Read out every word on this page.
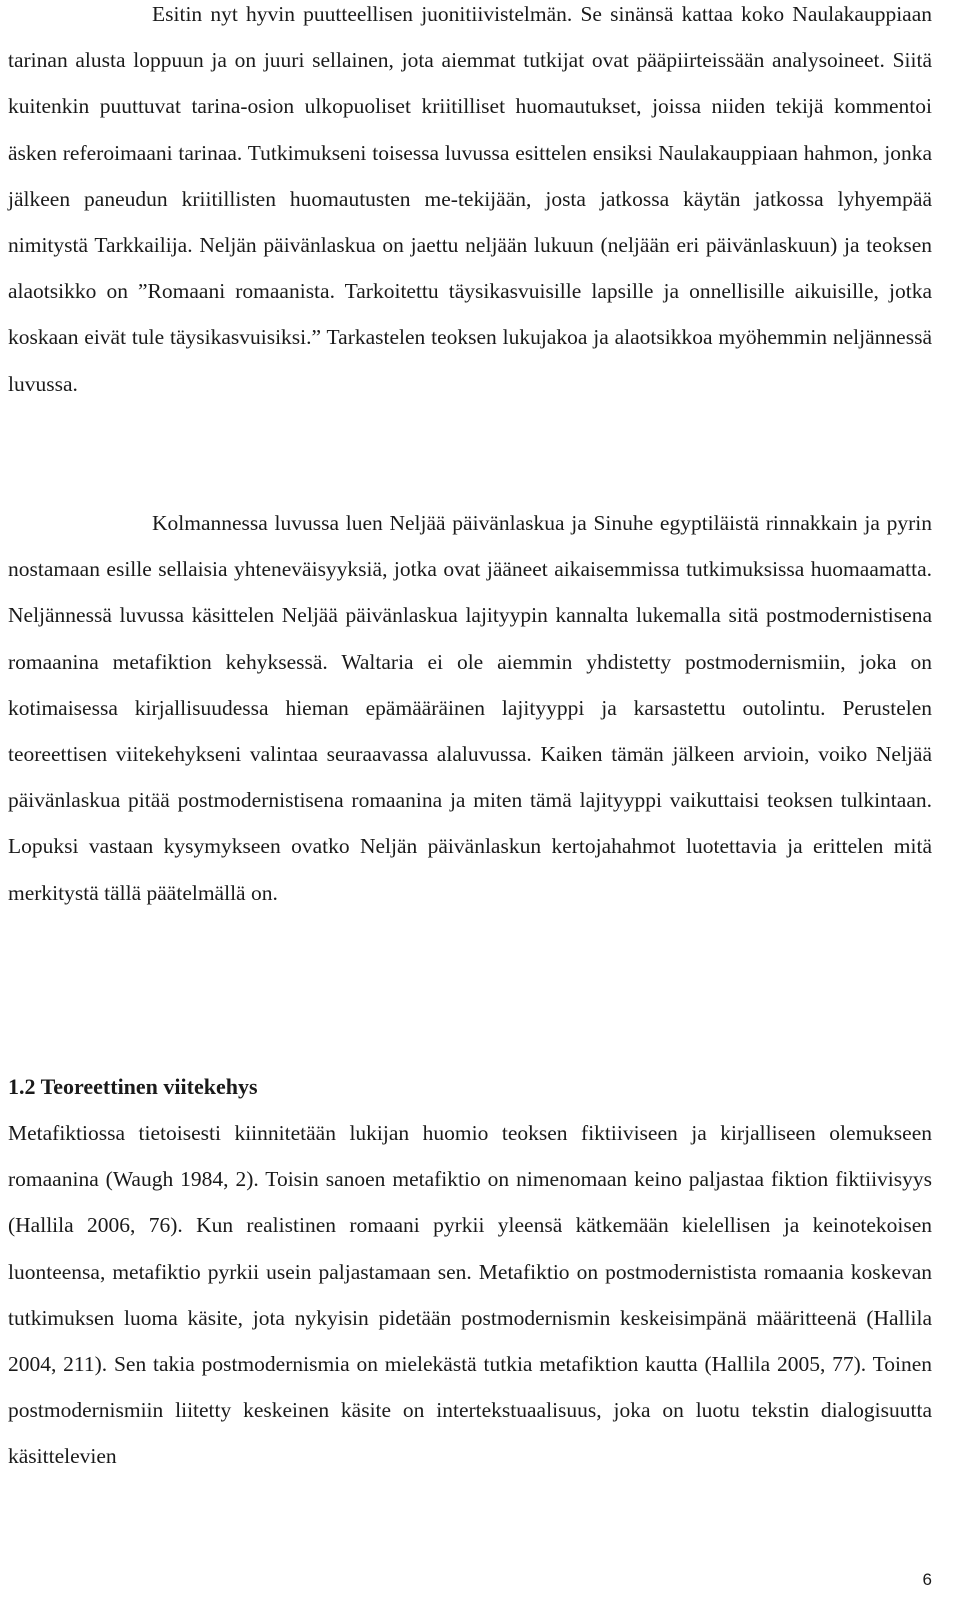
Esitin nyt hyvin puutteellisen juonitiivistelmän. Se sinänsä kattaa koko Naulakauppiaan tarinan alusta loppuun ja on juuri sellainen, jota aiemmat tutkijat ovat pääpiirteissään analysoineet. Siitä kuitenkin puuttuvat tarina-osion ulkopuoliset kriitilliset huomautukset, joissa niiden tekijä kommentoi äsken referoimaani tarinaa. Tutkimukseni toisessa luvussa esittelen ensiksi Naulakauppiaan hahmon, jonka jälkeen paneudun kriitillisten huomautusten me-tekijään, josta jatkossa käytän jatkossa lyhyempää nimitystä Tarkkailija. Neljän päivänlaskua on jaettu neljään lukuun (neljään eri päivänlaskuun) ja teoksen alaotsikko on ”Romaani romaanista. Tarkoitettu täysikasvuisille lapsille ja onnellisille aikuisille, jotka koskaan eivät tule täysikasvuisiksi.” Tarkastelen teoksen lukujakoa ja alaotsikkoa myöhemmin neljännessä luvussa.

Kolmannessa luvussa luen Neljää päivänlaskua ja Sinuhe egyptiläistä rinnakkain ja pyrin nostamaan esille sellaisia yhteneväisyyksiä, jotka ovat jääneet aikaisemmissa tutkimuksissa huomaamatta. Neljännessä luvussa käsittelen Neljää päivänlaskua lajityypin kannalta lukemalla sitä postmodernistisena romaanina metafiktion kehyksessä. Waltaria ei ole aiemmin yhdistetty postmodernismiin, joka on kotimaisessa kirjallisuudessa hieman epämääräinen lajityyppi ja karsastettu outolintu. Perustelen teoreettisen viitekehykseni valintaa seuraavassa alaluvussa. Kaiken tämän jälkeen arvioin, voiko Neljää päivänlaskua pitää postmodernistisena romaanina ja miten tämä lajityyppi vaikuttaisi teoksen tulkintaan. Lopuksi vastaan kysymykseen ovatko Neljän päivänlaskun kertojahahmot luotettavia ja erittelen mitä merkitystä tällä päätelmällä on.

1.2 Teoreettinen viitekehys

Metafiktiossa tietoisesti kiinnitetään lukijan huomio teoksen fiktiiviseen ja kirjalliseen olemukseen romaanina (Waugh 1984, 2). Toisin sanoen metafiktio on nimenomaan keino paljastaa fiktion fiktiivisyys (Hallila 2006, 76). Kun realistinen romaani pyrkii yleensä kätkemään kielellisen ja keinotekoisen luonteensa, metafiktio pyrkii usein paljastamaan sen. Metafiktio on postmodernistista romaania koskevan tutkimuksen luoma käsite, jota nykyisin pidetään postmodernismin keskeisimpänä määritteenä (Hallila 2004, 211). Sen takia postmodernismia on mielekästä tutkia metafiktion kautta (Hallila 2005, 77). Toinen postmodernismiin liitetty keskeinen käsite on intertekstuaalisuus, joka on luotu tekstin dialogisuutta käsittelevien

6
